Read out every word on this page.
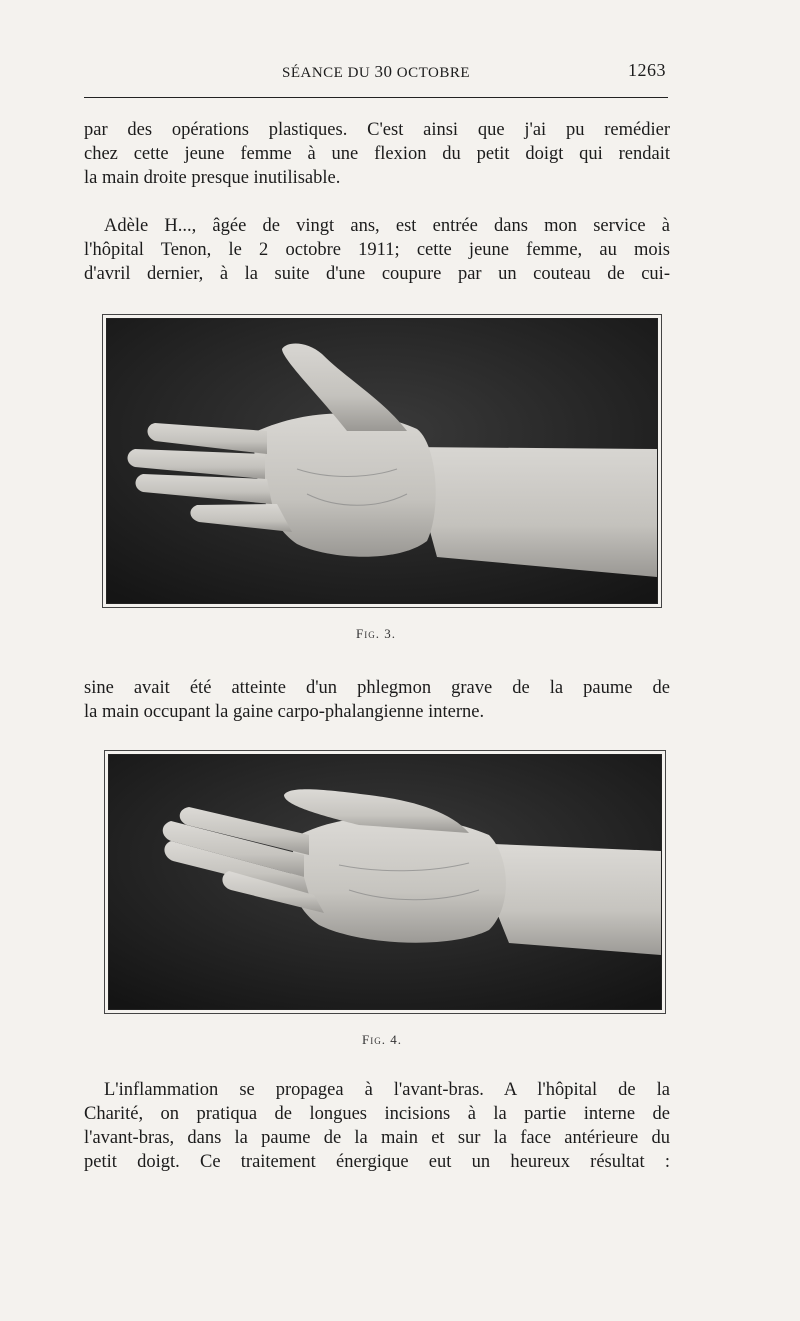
SÉANCE DU 30 OCTOBRE	1263
par des opérations plastiques. C'est ainsi que j'ai pu remédier
chez cette jeune femme à une flexion du petit doigt qui rendait
la main droite presque inutilisable.
Adèle H..., âgée de vingt ans, est entrée dans mon service à
l'hôpital Tenon, le 2 octobre 1911; cette jeune femme, au mois
d'avril dernier, à la suite d'une coupure par un couteau de cui-
Fig. 3.
sine avait été atteinte d'un phlegmon grave de la paume de
la main occupant la gaine carpo-phalangienne interne.
Fig. 4.
L'inflammation se propagea à l'avant-bras. A l'hôpital de la
Charité, on pratiqua de longues incisions à la partie interne de
l'avant-bras, dans la paume de la main et sur la face antérieure du
petit doigt. Ce traitement énergique eut un heureux résultat :
